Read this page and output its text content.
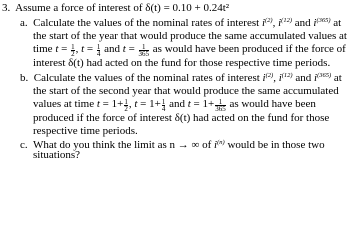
3. Assume a force of interest of δ(t) = 0.10 + 0.24t²
a. Calculate the values of the nominal rates of interest $i^{(2)}$, $i^{(12)}$ and $i^{(365)}$ at
the start of the year that would produce the same accumulated values at
time $t = \frac{1}{2}$ , $t = \frac{1}{4}$ and $t = \frac{1}{365}$ as would have been produced if the force of
interest δ(t) had acted on the fund for those respective time periods.
b. Calculate the values of the nominal rates of interest $i^{(2)}$, $i^{(12)}$ and $i^{(365)}$ at
the start of the second year that would produce the same accumulated
values at time $t = 1+ \frac{1}{2}$ , $t = 1+ \frac{1}{4}$ and $t = 1+ \frac{1}{365}$ as would have been
produced if the force of interest δ(t) had acted on the fund for those
respective time periods.
c. What do you think the limit as n → ∞ of $i^{(n)}$ would be in those two
situations?
